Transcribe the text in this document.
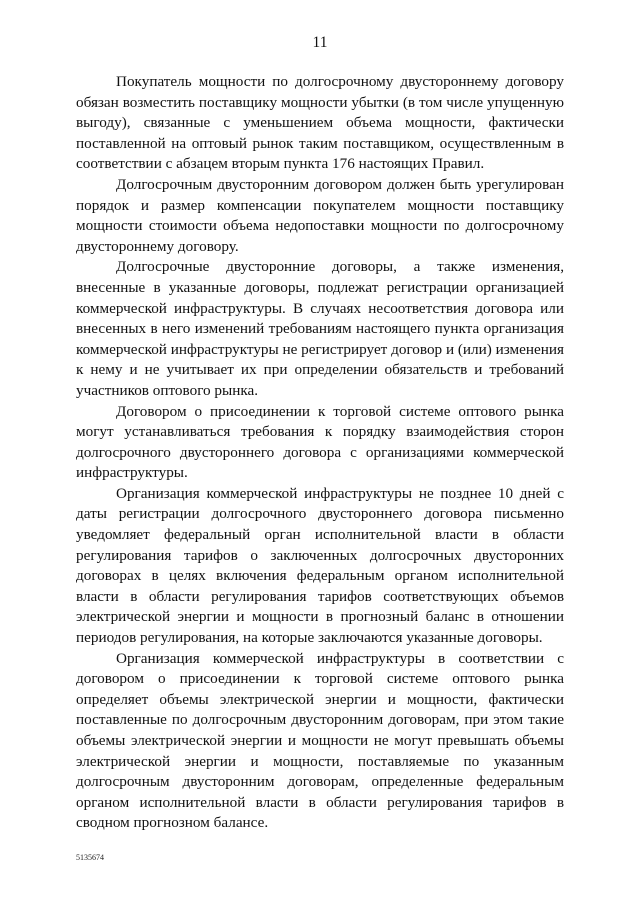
11

Покупатель мощности по долгосрочному двустороннему договору обязан возместить поставщику мощности убытки (в том числе упущенную выгоду), связанные с уменьшением объема мощности, фактически поставленной на оптовый рынок таким поставщиком, осуществленным в соответствии с абзацем вторым пункта 176 настоящих Правил.

Долгосрочным двусторонним договором должен быть урегулирован порядок и размер компенсации покупателем мощности поставщику мощности стоимости объема недопоставки мощности по долгосрочному двустороннему договору.

Долгосрочные двусторонние договоры, а также изменения, внесенные в указанные договоры, подлежат регистрации организацией коммерческой инфраструктуры. В случаях несоответствия договора или внесенных в него изменений требованиям настоящего пункта организация коммерческой инфраструктуры не регистрирует договор и (или) изменения к нему и не учитывает их при определении обязательств и требований участников оптового рынка.

Договором о присоединении к торговой системе оптового рынка могут устанавливаться требования к порядку взаимодействия сторон долгосрочного двустороннего договора с организациями коммерческой инфраструктуры.

Организация коммерческой инфраструктуры не позднее 10 дней с даты регистрации долгосрочного двустороннего договора письменно уведомляет федеральный орган исполнительной власти в области регулирования тарифов о заключенных долгосрочных двусторонних договорах в целях включения федеральным органом исполнительной власти в области регулирования тарифов соответствующих объемов электрической энергии и мощности в прогнозный баланс в отношении периодов регулирования, на которые заключаются указанные договоры.

Организация коммерческой инфраструктуры в соответствии с договором о присоединении к торговой системе оптового рынка определяет объемы электрической энергии и мощности, фактически поставленные по долгосрочным двусторонним договорам, при этом такие объемы электрической энергии и мощности не могут превышать объемы электрической энергии и мощности, поставляемые по указанным долгосрочным двусторонним договорам, определенные федеральным органом исполнительной власти в области регулирования тарифов в сводном прогнозном балансе.

5135674
